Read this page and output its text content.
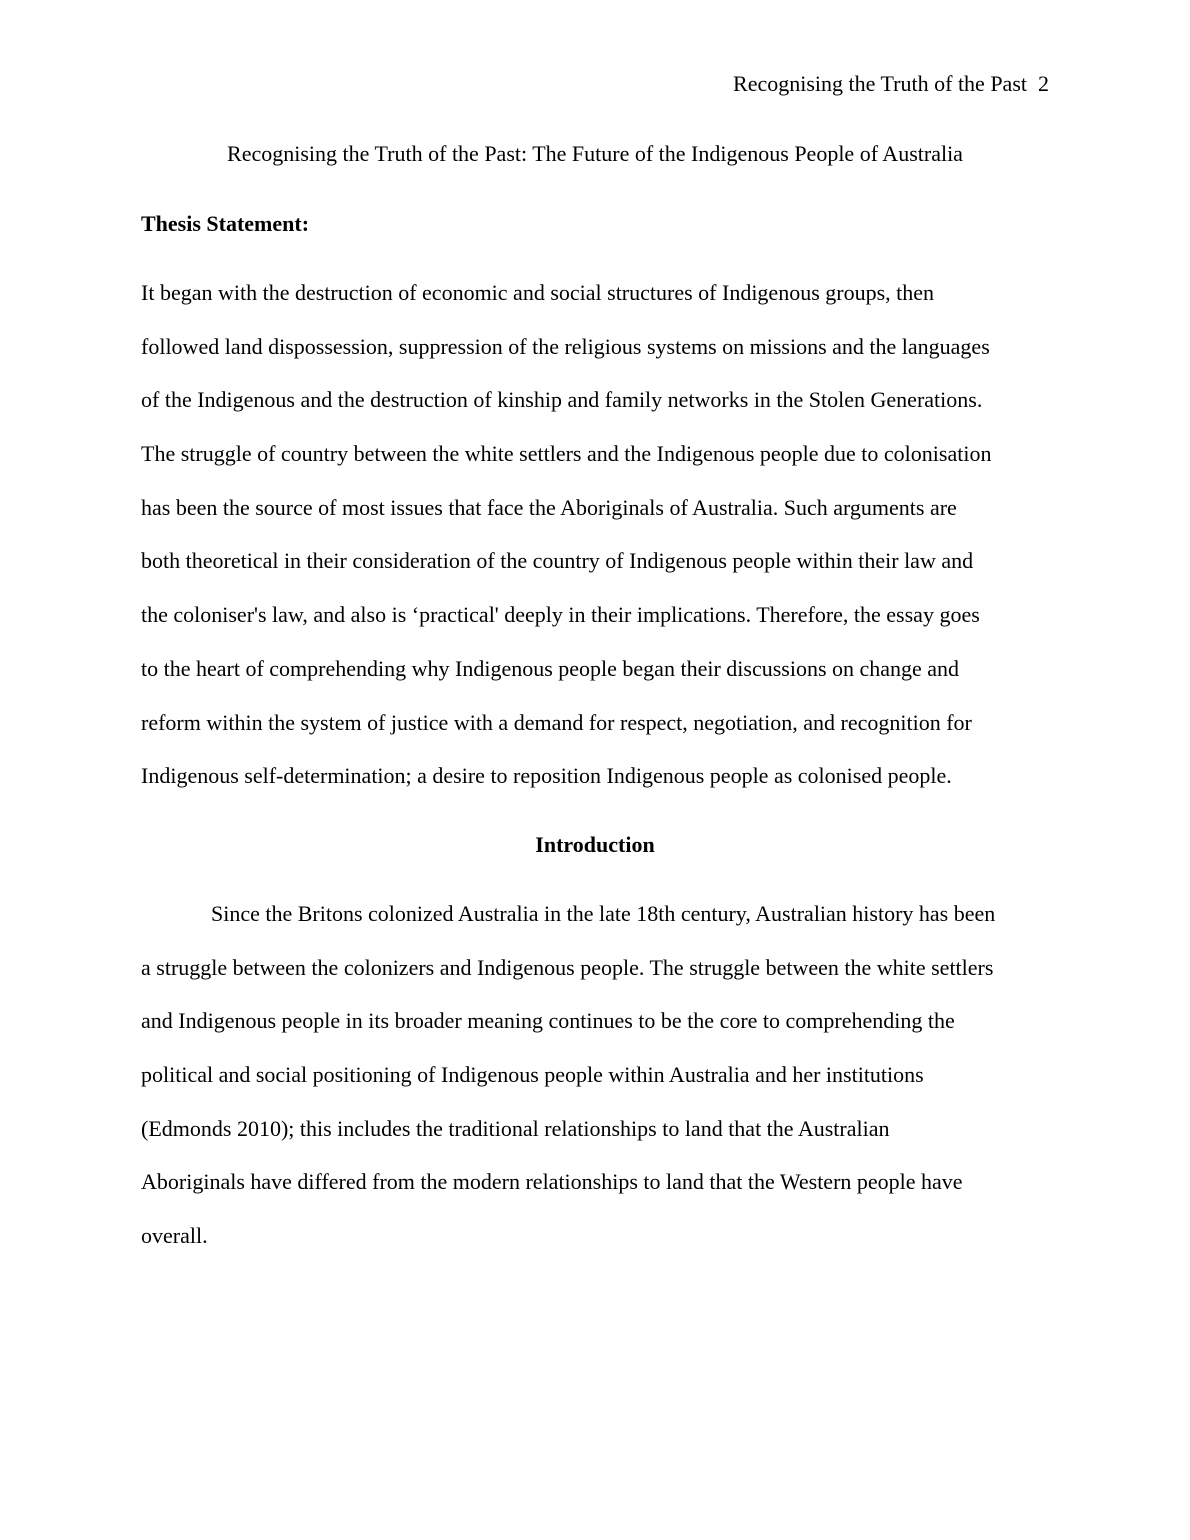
Recognising the Truth of the Past  2
Recognising the Truth of the Past: The Future of the Indigenous People of Australia
Thesis Statement:
It began with the destruction of economic and social structures of Indigenous groups, then
followed land dispossession, suppression of the religious systems on missions and the languages
of the Indigenous and the destruction of kinship and family networks in the Stolen Generations.
The struggle of country between the white settlers and the Indigenous people due to colonisation
has been the source of most issues that face the Aboriginals of Australia. Such arguments are
both theoretical in their consideration of the country of Indigenous people within their law and
the coloniser's law, and also is ‘practical' deeply in their implications. Therefore, the essay goes
to the heart of comprehending why Indigenous people began their discussions on change and
reform within the system of justice with a demand for respect, negotiation, and recognition for
Indigenous self-determination; a desire to reposition Indigenous people as colonised people.
Introduction
Since the Britons colonized Australia in the late 18th century, Australian history has been
a struggle between the colonizers and Indigenous people. The struggle between the white settlers
and Indigenous people in its broader meaning continues to be the core to comprehending the
political and social positioning of Indigenous people within Australia and her institutions
(Edmonds 2010); this includes the traditional relationships to land that the Australian
Aboriginals have differed from the modern relationships to land that the Western people have
overall.
